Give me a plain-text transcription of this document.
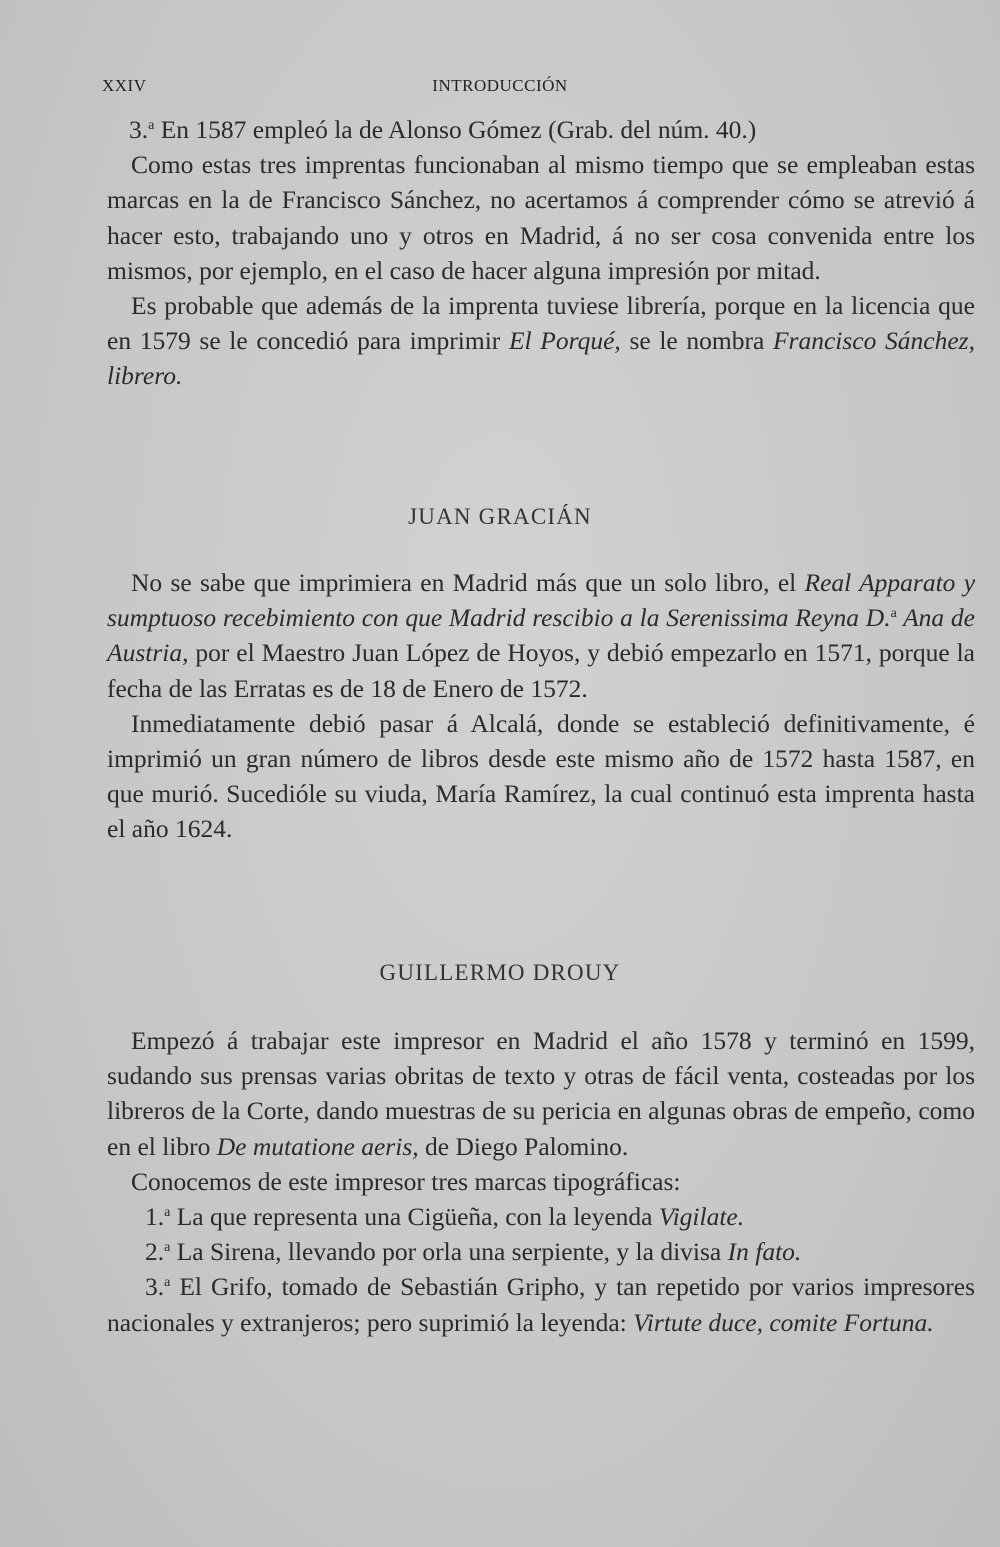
XXIV	INTRODUCCIÓN

3.$^a$ En 1587 empleó la de Alonso Gómez (Grab. del núm. 40.)

Como estas tres imprentas funcionaban al mismo tiempo que se empleaban estas marcas en la de Francisco Sánchez, no acertamos á comprender cómo se atrevió á hacer esto, trabajando uno y otros en Madrid, á no ser cosa convenida entre los mismos, por ejemplo, en el caso de hacer alguna impresión por mitad.

Es probable que además de la imprenta tuviese librería, porque en la licencia que en 1579 se le concedió para imprimir El Porqué, se le nombra Francisco Sánchez, librero.

JUAN GRACIÁN

No se sabe que imprimiera en Madrid más que un solo libro, el Real Apparato y sumptuoso recebimiento con que Madrid rescibio a la Serenissima Reyna D.$^a$ Ana de Austria, por el Maestro Juan López de Hoyos, y debió empezarlo en 1571, porque la fecha de las Erratas es de 18 de Enero de 1572.

Inmediatamente debió pasar á Alcalá, donde se estableció definitivamente, é imprimió un gran número de libros desde este mismo año de 1572 hasta 1587, en que murió. Sucedióle su viuda, María Ramírez, la cual continuó esta imprenta hasta el año 1624.

GUILLERMO DROUY

Empezó á trabajar este impresor en Madrid el año 1578 y terminó en 1599, sudando sus prensas varias obritas de texto y otras de fácil venta, costeadas por los libreros de la Corte, dando muestras de su pericia en algunas obras de empeño, como en el libro De mutatione aeris, de Diego Palomino.

Conocemos de este impresor tres marcas tipográficas:

1.$^a$ La que representa una Cigüeña, con la leyenda Vigilate.

2.$^a$ La Sirena, llevando por orla una serpiente, y la divisa In fato.

3.$^a$ El Grifo, tomado de Sebastián Gripho, y tan repetido por varios impresores nacionales y extranjeros; pero suprimió la leyenda: Virtute duce, comite Fortuna.
